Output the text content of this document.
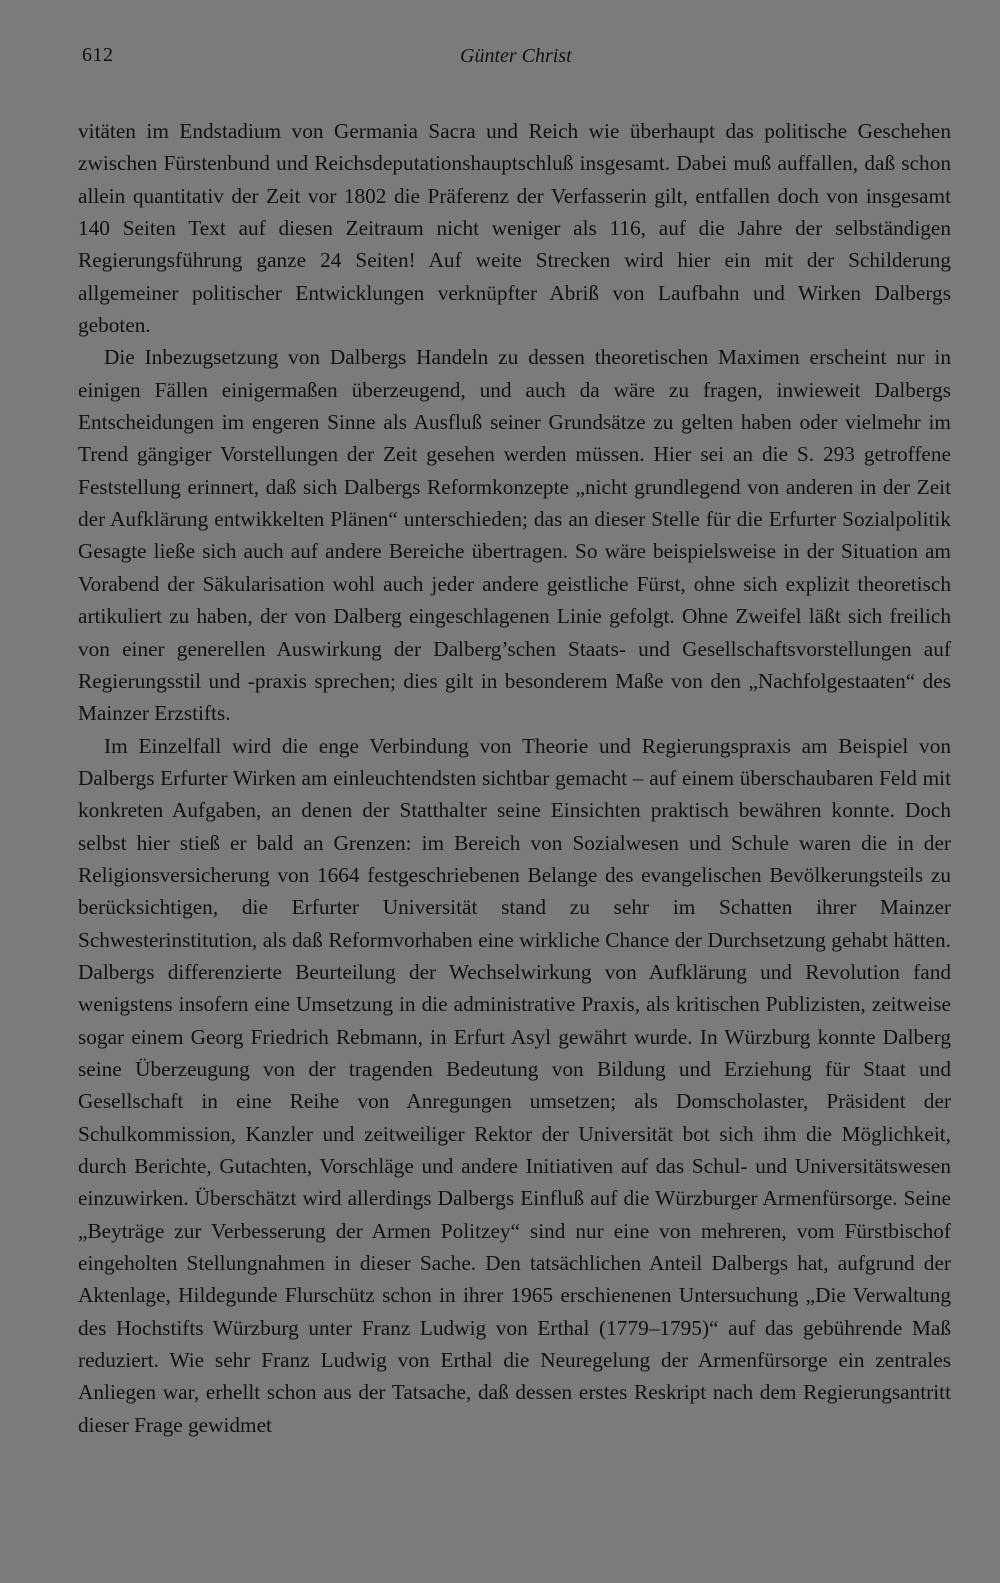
612	Günter Christ

vitäten im Endstadium von Germania Sacra und Reich wie überhaupt das politische Geschehen zwischen Fürstenbund und Reichsdeputationshauptschluß insgesamt. Dabei muß auffallen, daß schon allein quantitativ der Zeit vor 1802 die Präferenz der Verfasserin gilt, entfallen doch von insgesamt 140 Seiten Text auf diesen Zeitraum nicht weniger als 116, auf die Jahre der selbständigen Regierungsführung ganze 24 Seiten! Auf weite Strecken wird hier ein mit der Schilderung allgemeiner politischer Entwicklungen verknüpfter Abriß von Laufbahn und Wirken Dalbergs geboten.

Die Inbezugsetzung von Dalbergs Handeln zu dessen theoretischen Maximen erscheint nur in einigen Fällen einigermaßen überzeugend, und auch da wäre zu fragen, inwieweit Dalbergs Entscheidungen im engeren Sinne als Ausfluß seiner Grundsätze zu gelten haben oder vielmehr im Trend gängiger Vorstellungen der Zeit gesehen werden müssen. Hier sei an die S. 293 getroffene Feststellung erinnert, daß sich Dalbergs Reformkonzepte „nicht grundlegend von anderen in der Zeit der Aufklärung entwikkelten Plänen“ unterschieden; das an dieser Stelle für die Erfurter Sozialpolitik Gesagte ließe sich auch auf andere Bereiche übertragen. So wäre beispielsweise in der Situation am Vorabend der Säkularisation wohl auch jeder andere geistliche Fürst, ohne sich explizit theoretisch artikuliert zu haben, der von Dalberg eingeschlagenen Linie gefolgt. Ohne Zweifel läßt sich freilich von einer generellen Auswirkung der Dalberg’schen Staats- und Gesellschaftsvorstellungen auf Regierungsstil und -praxis sprechen; dies gilt in besonderem Maße von den „Nachfolgestaaten“ des Mainzer Erzstifts.

Im Einzelfall wird die enge Verbindung von Theorie und Regierungspraxis am Beispiel von Dalbergs Erfurter Wirken am einleuchtendsten sichtbar gemacht – auf einem überschaubaren Feld mit konkreten Aufgaben, an denen der Statthalter seine Einsichten praktisch bewähren konnte. Doch selbst hier stieß er bald an Grenzen: im Bereich von Sozialwesen und Schule waren die in der Religionsversicherung von 1664 festgeschriebenen Belange des evangelischen Bevölkerungsteils zu berücksichtigen, die Erfurter Universität stand zu sehr im Schatten ihrer Mainzer Schwesterinstitution, als daß Reformvorhaben eine wirkliche Chance der Durchsetzung gehabt hätten. Dalbergs differenzierte Beurteilung der Wechselwirkung von Aufklärung und Revolution fand wenigstens insofern eine Umsetzung in die administrative Praxis, als kritischen Publizisten, zeitweise sogar einem Georg Friedrich Rebmann, in Erfurt Asyl gewährt wurde. In Würzburg konnte Dalberg seine Überzeugung von der tragenden Bedeutung von Bildung und Erziehung für Staat und Gesellschaft in eine Reihe von Anregungen umsetzen; als Domscholaster, Präsident der Schulkommission, Kanzler und zeitweiliger Rektor der Universität bot sich ihm die Möglichkeit, durch Berichte, Gutachten, Vorschläge und andere Initiativen auf das Schul- und Universitätswesen einzuwirken. Überschätzt wird allerdings Dalbergs Einfluß auf die Würzburger Armenfürsorge. Seine „Beyträge zur Verbesserung der Armen Politzey“ sind nur eine von mehreren, vom Fürstbischof eingeholten Stellungnahmen in dieser Sache. Den tatsächlichen Anteil Dalbergs hat, aufgrund der Aktenlage, Hildegunde Flurschütz schon in ihrer 1965 erschienenen Untersuchung „Die Verwaltung des Hochstifts Würzburg unter Franz Ludwig von Erthal (1779–1795)“ auf das gebührende Maß reduziert. Wie sehr Franz Ludwig von Erthal die Neuregelung der Armenfürsorge ein zentrales Anliegen war, erhellt schon aus der Tatsache, daß dessen erstes Reskript nach dem Regierungsantritt dieser Frage gewidmet
